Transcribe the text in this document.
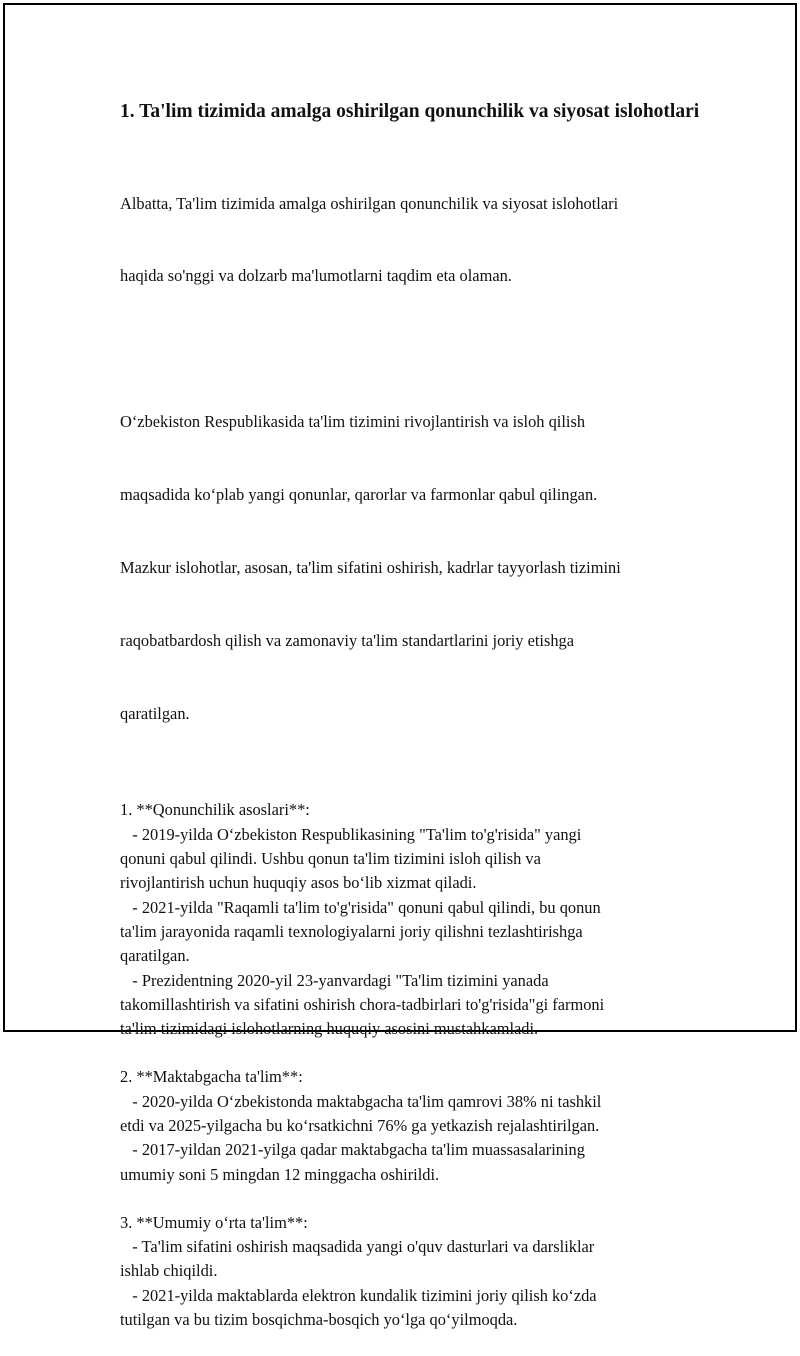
1. Ta'lim tizimida amalga oshirilgan qonunchilik va siyosat islohotlari

Albatta, Ta'lim tizimida amalga oshirilgan qonunchilik va siyosat islohotlari

haqida so'nggi va dolzarb ma'lumotlarni taqdim eta olaman.

O‘zbekiston Respublikasida ta'lim tizimini rivojlantirish va isloh qilish

maqsadida ko‘plab yangi qonunlar, qarorlar va farmonlar qabul qilingan.

Mazkur islohotlar, asosan, ta'lim sifatini oshirish, kadrlar tayyorlash tizimini

raqobatbardosh qilish va zamonaviy ta'lim standartlarini joriy etishga

qaratilgan.

1. **Qonunchilik asoslari**:
- 2019-yilda O‘zbekiston Respublikasining "Ta'lim to'g'risida" yangi
qonuni qabul qilindi. Ushbu qonun ta'lim tizimini isloh qilish va
rivojlantirish uchun huquqiy asos bo‘lib xizmat qiladi.
- 2021-yilda "Raqamli ta'lim to'g'risida" qonuni qabul qilindi, bu qonun
ta'lim jarayonida raqamli texnologiyalarni joriy qilishni tezlashtirishga
qaratilgan.
- Prezidentning 2020-yil 23-yanvardagi "Ta'lim tizimini yanada
takomillashtirish va sifatini oshirish chora-tadbirlari to'g'risida"gi farmoni
ta'lim tizimidagi islohotlarning huquqiy asosini mustahkamladi.
2. **Maktabgacha ta'lim**:
- 2020-yilda O‘zbekistonda maktabgacha ta'lim qamrovi 38% ni tashkil
etdi va 2025-yilgacha bu ko‘rsatkichni 76% ga yetkazish rejalashtirilgan.
- 2017-yildan 2021-yilga qadar maktabgacha ta'lim muassasalarining
umumiy soni 5 mingdan 12 minggacha oshirildi.
3. **Umumiy o‘rta ta'lim**:
- Ta'lim sifatini oshirish maqsadida yangi o'quv dasturlari va darsliklar
ishlab chiqildi.
- 2021-yilda maktablarda elektron kundalik tizimini joriy qilish ko‘zda
tutilgan va bu tizim bosqichma-bosqich yo‘lga qo‘yilmoqda.
